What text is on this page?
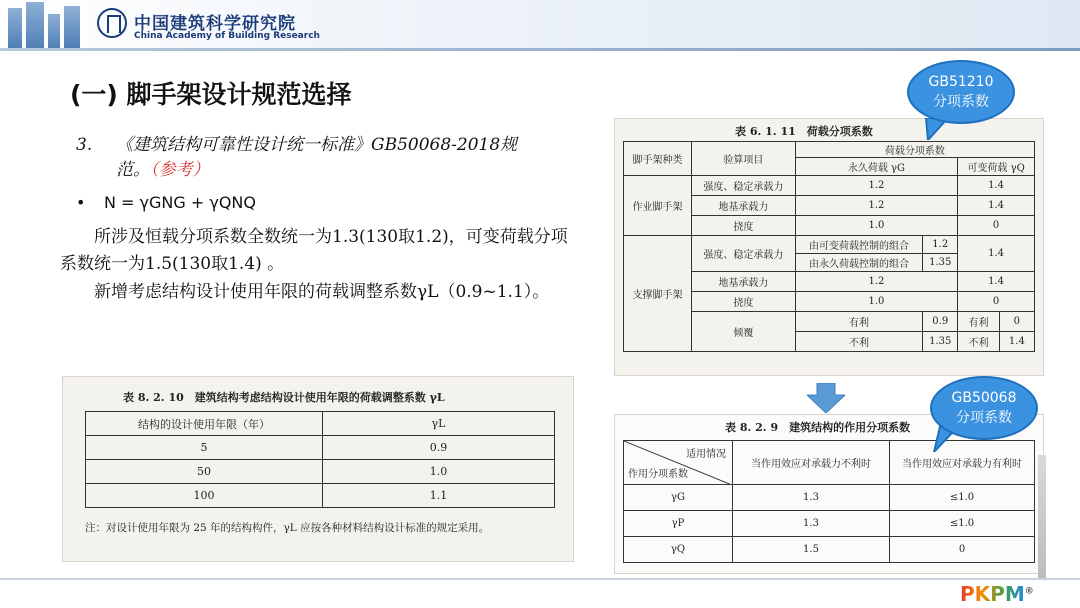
中国建筑科学研究院
China Academy of Building Research
(一) 脚手架设计规范选择
3. 《建筑结构可靠性设计统一标准》GB50068-2018规范。（参考）
• N = γGNG + γQNQ
所涉及恒载分项系数全数统一为1.3(130取1.2)，可变荷载分项系数统一为1.5(130取1.4) 。
新增考虑结构设计使用年限的荷载调整系数γL（0.9~1.1）。
表 6. 1. 11　荷载分项系数
脚手架种类	验算项目	荷载分项系数			
		永久荷载 γG		可变荷载 γQ	
作业脚手架	强度、稳定承载力	1.2		1.4	
	地基承载力	1.2		1.4	
	挠度	1.0		0	
支撑脚手架	强度、稳定承载力	由可变荷载控制的组合	1.2	1.4	
		由永久荷载控制的组合	1.35		
	地基承载力	1.2		1.4	
	挠度	1.0		0	
	倾覆	有利	0.9	有利	0
		不利	1.35	不利	1.4
表 8. 2. 10　建筑结构考虑结构设计使用年限的荷载调整系数 γL
结构的设计使用年限（年）	γL
5	0.9
50	1.0
100	1.1
注：对设计使用年限为 25 年的结构构件，γL 应按各种材料结构设计标准的规定采用。
表 8. 2. 9　建筑结构的作用分项系数
适用情况
作用分项系数	当作用效应对承载力不利时	当作用效应对承载力有利时
γG	1.3	≤1.0
γP	1.3	≤1.0
γQ	1.5	0
GB51210
分项系数
GB50068
分项系数
PKPM®
